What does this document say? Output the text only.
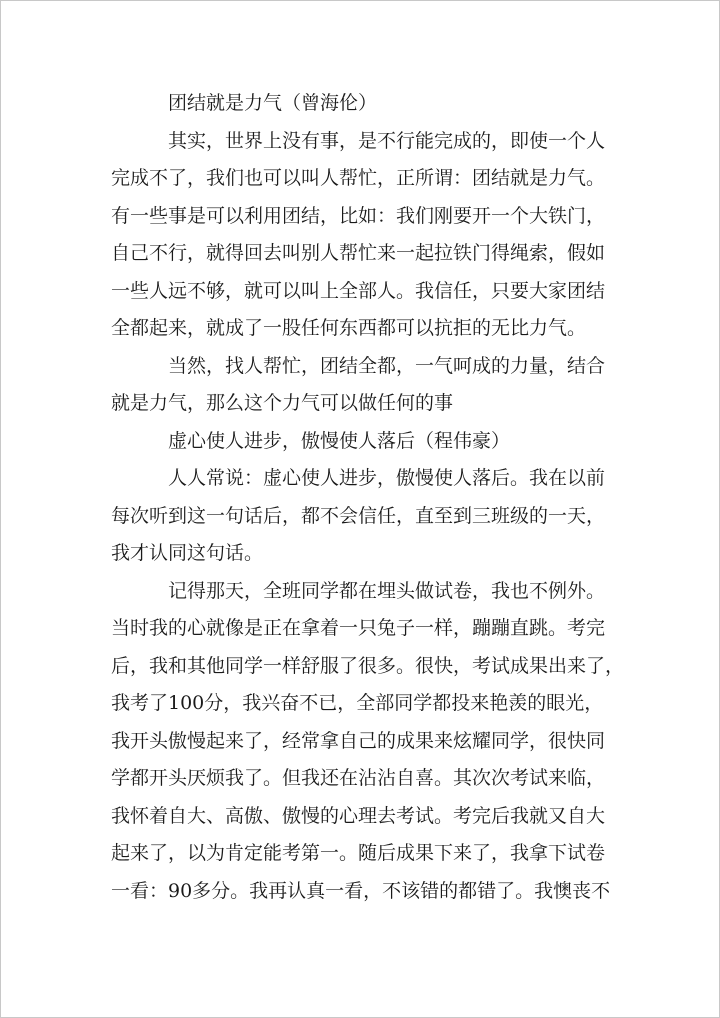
团结就是力气（曾海伦）
其实，世界上没有事，是不行能完成的，即使一个人
完成不了，我们也可以叫人帮忙，正所谓：团结就是力气。
有一些事是可以利用团结，比如：我们刚要开一个大铁门，
自己不行，就得回去叫别人帮忙来一起拉铁门得绳索，假如
一些人远不够，就可以叫上全部人。我信任，只要大家团结
全都起来，就成了一股任何东西都可以抗拒的无比力气。
当然，找人帮忙，团结全都，一气呵成的力量，结合
就是力气，那么这个力气可以做任何的事
虚心使人进步，傲慢使人落后（程伟豪）
人人常说：虚心使人进步，傲慢使人落后。我在以前
每次听到这一句话后，都不会信任，直至到三班级的一天，
我才认同这句话。
记得那天，全班同学都在埋头做试卷，我也不例外。
当时我的心就像是正在拿着一只兔子一样，蹦蹦直跳。考完
后，我和其他同学一样舒服了很多。很快，考试成果出来了，
我考了100分，我兴奋不已，全部同学都投来艳羡的眼光，
我开头傲慢起来了，经常拿自己的成果来炫耀同学，很快同
学都开头厌烦我了。但我还在沾沾自喜。其次次考试来临，
我怀着自大、高傲、傲慢的心理去考试。考完后我就又自大
起来了，以为肯定能考第一。随后成果下来了，我拿下试卷
一看：90多分。我再认真一看，不该错的都错了。我懊丧不
